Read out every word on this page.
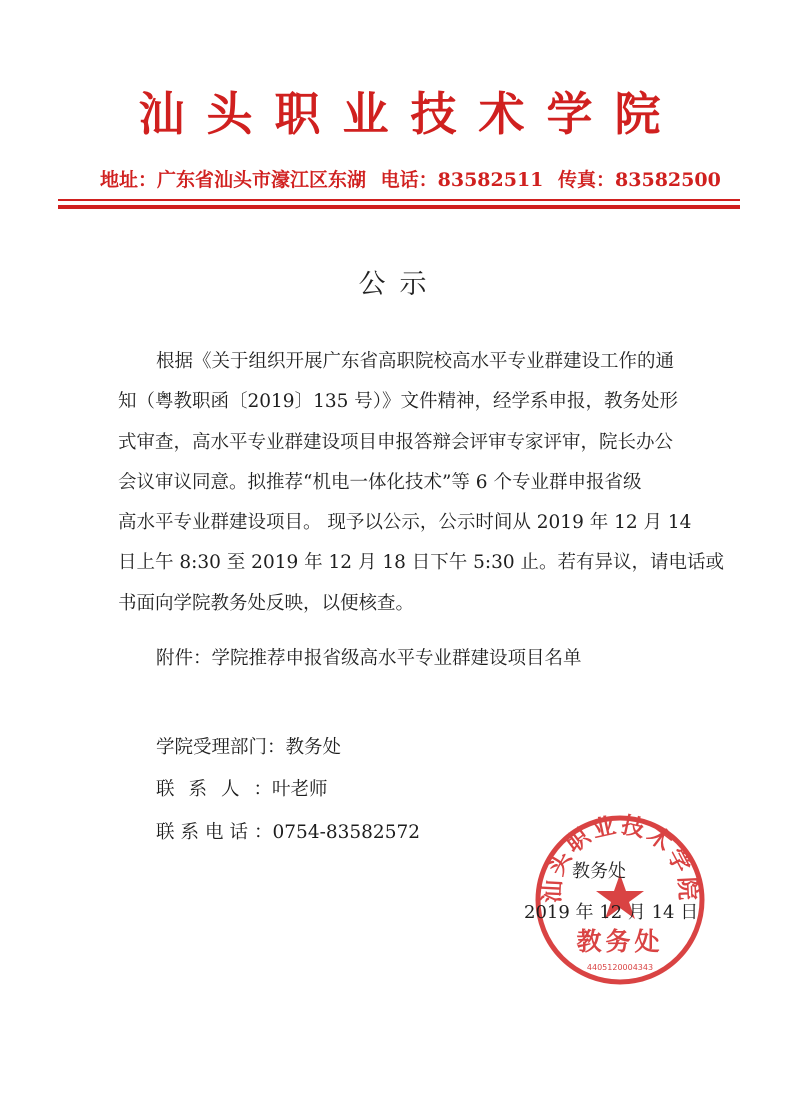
汕头职业技术学院
地址：广东省汕头市濠江区东湖 电话：83582511 传真：83582500
公示
根据《关于组织开展广东省高职院校高水平专业群建设工作的通
知（粤教职函〔2019〕135 号）》文件精神，经学系申报，教务处形
式审查，高水平专业群建设项目申报答辩会评审专家评审，院长办公
会议审议同意。拟推荐“机电一体化技术”等 6 个专业群申报省级
高水平专业群建设项目。 现予以公示，公示时间从 2019 年 12 月 14
日上午 8:30 至 2019 年 12 月 18 日下午 5:30 止。若有异议，请电话或
书面向学院教务处反映，以便核查。
附件：学院推荐申报省级高水平专业群建设项目名单
学院受理部门：教务处
联系人：叶老师
联系电话：0754-83582572
汕头职业技术学院
教务处
4405120004343
教务处
2019 年 12 月 14 日
